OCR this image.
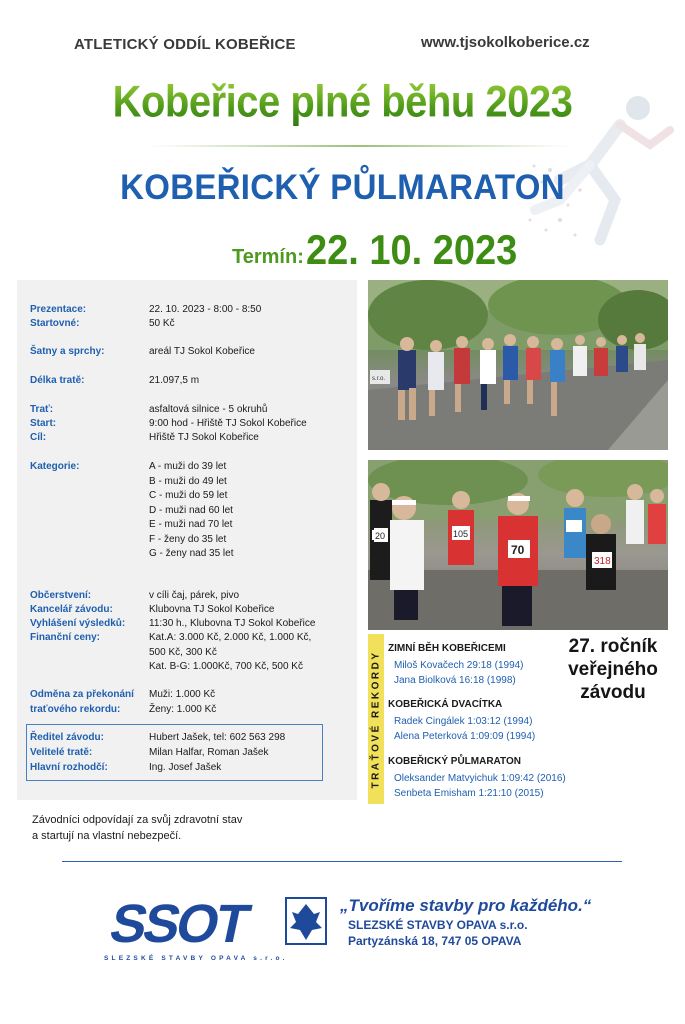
ATLETICKÝ ODDÍL KOBEŘICE	www.tjsokolkoberice.cz
Kobeřice plné běhu 2023
KOBEŘICKÝ PŮLMARATON
Termín: 22. 10. 2023
Prezentace:	22. 10. 2023 - 8:00 - 8:50
Startovné:	50 Kč
Šatny a sprchy:	areál TJ Sokol Kobeřice
Délka tratě:	21.097,5 m
Trať:	asfaltová silnice - 5 okruhů
Start:	9:00 hod - Hřiště TJ Sokol Kobeřice
Cíl:	Hřiště TJ Sokol Kobeřice
Kategorie:	A - muži do 39 let
B - muži do 49 let
C - muži do 59 let
D - muži nad 60 let
E - muži nad 70 let
F - ženy do 35 let
G - ženy nad 35 let
Občerstvení:	v cíli čaj, párek, pivo
Kancelář závodu:	Klubovna TJ Sokol Kobeřice
Vyhlášení výsledků:	11:30 h., Klubovna TJ Sokol Kobeřice
Finanční ceny:	Kat.A: 3.000 Kč, 2.000 Kč, 1.000 Kč,
500 Kč, 300 Kč
Kat. B-G: 1.000Kč, 700 Kč, 500 Kč
Odměna za překonání
traťového rekordu:
Muži: 1.000 Kč
Ženy: 1.000 Kč
Ředitel závodu:	Hubert Jašek, tel: 602 563 298
Velitelé tratě:	Milan Halfar, Roman Jašek
Hlavní rozhodčí:	Ing. Josef Jašek
s.r.o.
105
70
318
20
27. ročník
veřejného
závodu
TRAŤOVÉ REKORDY
ZIMNÍ BĚH KOBEŘICEMI
Miloš Kovačech 29:18 (1994)
Jana Biolková 16:18 (1998)
KOBEŘICKÁ DVACÍTKA
Radek Cingálek 1:03:12 (1994)
Alena Peterková 1:09:09 (1994)
KOBEŘICKÝ PŮLMARATON
Oleksander Matvyichuk 1:09:42 (2016)
Senbeta Emisham 1:21:10 (2015)
Závodníci odpovídají za svůj zdravotní stav
a startují na vlastní nebezpečí.
SSOT
SLEZSKÉ STAVBY OPAVA s.r.o.
„Tvoříme stavby pro každého.“
SLEZSKÉ STAVBY OPAVA s.r.o.
Partyzánská 18, 747 05 OPAVA
